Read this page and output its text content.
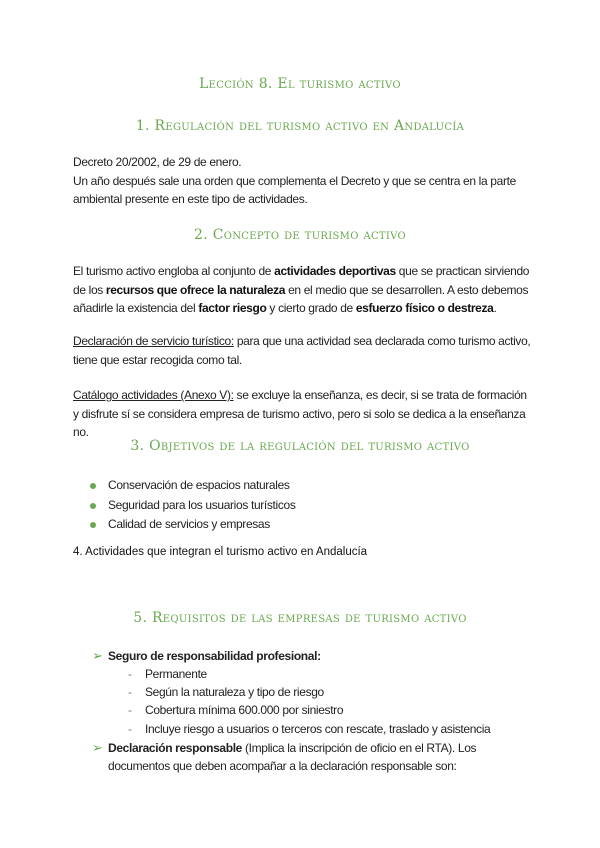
Lección 8. El turismo activo
1. Regulación del turismo activo en Andalucía
Decreto 20/2002, de 29 de enero.
Un año después sale una orden que complementa el Decreto y que se centra en la parte ambiental presente en este tipo de actividades.
2. Concepto de turismo activo
El turismo activo engloba al conjunto de actividades deportivas que se practican sirviendo de los recursos que ofrece la naturaleza en el medio que se desarrollen. A esto debemos añadirle la existencia del factor riesgo y cierto grado de esfuerzo físico o destreza.
Declaración de servicio turístico: para que una actividad sea declarada como turismo activo, tiene que estar recogida como tal.
Catálogo actividades (Anexo V): se excluye la enseñanza, es decir, si se trata de formación y disfrute sí se considera empresa de turismo activo, pero si solo se dedica a la enseñanza no.
3. Objetivos de la regulación del turismo activo
Conservación de espacios naturales
Seguridad para los usuarios turísticos
Calidad de servicios y empresas
4. Actividades que integran el turismo activo en Andalucía
5. Requisitos de las empresas de turismo activo
➢ Seguro de responsabilidad profesional:
- Permanente
- Según la naturaleza y tipo de riesgo
- Cobertura mínima 600.000 por siniestro
- Incluye riesgo a usuarios o terceros con rescate, traslado y asistencia
➢ Declaración responsable (Implica la inscripción de oficio en el RTA). Los documentos que deben acompañar a la declaración responsable son:
